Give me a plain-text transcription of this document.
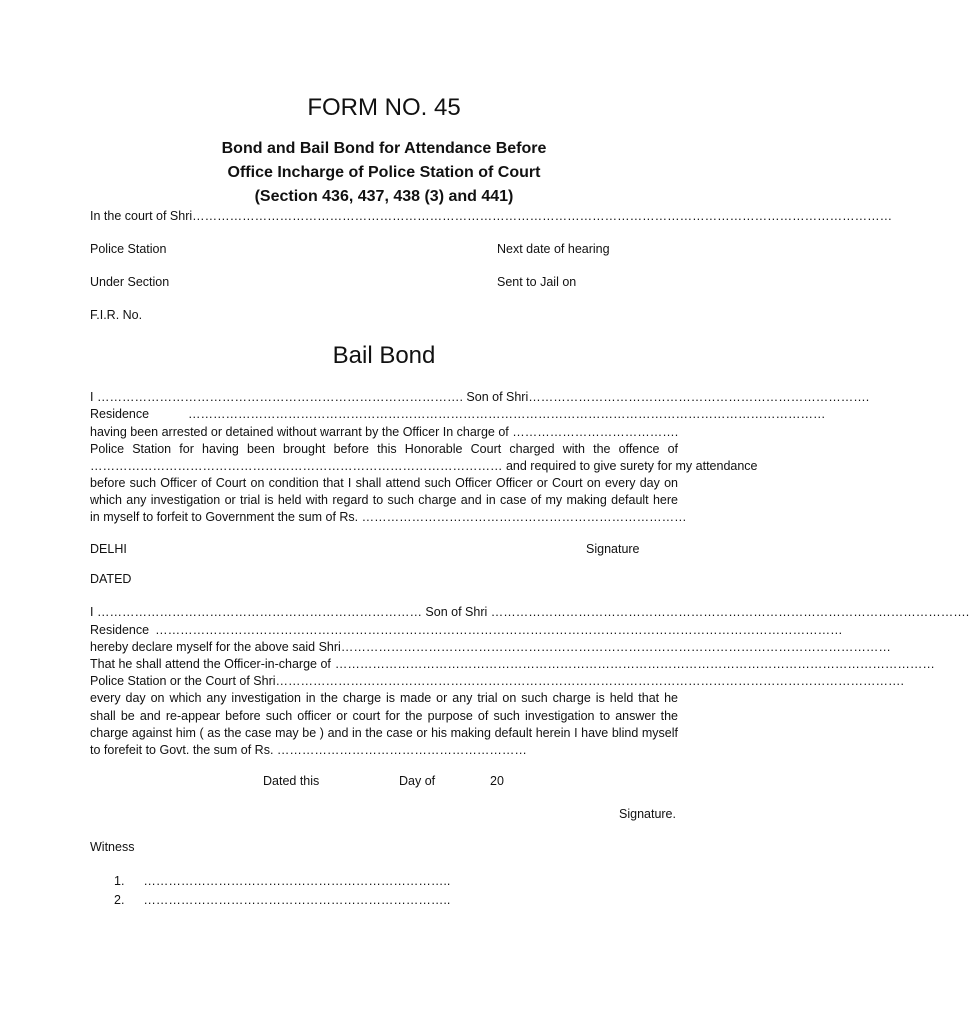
FORM NO. 45
Bond and Bail Bond for Attendance Before
Office Incharge of Police Station of Court
(Section 436, 437, 438 (3) and 441)
In the court of Shri……………………………………………………………………………………………………………………………………………………
Police Station	Next date of hearing
Under Section	Sent to Jail on
F.I.R. No.
Bail Bond
I ……………………………………………………………………………. Son of Shri……………………………………………………………………….
Residence	………………………………………………………………………………………………………………………………………
having been arrested or detained without warrant by the Officer In charge of ………………………………….
Police Station for having been brought before this Honorable Court charged with the offence of
……………………………………………………………………………………… and required to give surety for my attendance
before such Officer of Court on condition that I shall attend such Officer Officer or Court on every day on
which any investigation or trial is held with regard to such charge and in case of my making default here
in myself to forfeit to Government the sum of Rs. ……………………………………………………………………
DELHI	Signature
DATED
I …………………………………………………………………… Son of Shri …………………………………………………………………………………………………….
Residence …………………………………………………………………………………………………………………………………………………
hereby declare myself for the above said Shri ……………………………………………………………………………………………………………………
That he shall attend the Officer-in-charge of ………………………………………………………………………………………………………………………………
Police Station or the Court of Shri …………………………………………………………………………………………………………………………………….
every day on which any investigation in the charge is made or any trial on such charge is held that he
shall be and re-appear before such officer or court for the purpose of such investigation to answer the
charge against him ( as the case may be ) and in the case or his making default herein I have blind myself
to forefeit to Govt. the sum of Rs. ……………………………………………………
Dated this	Day of	20
Signature.
Witness
1. ………………………………………………………………..
2. ………………………………………………………………..
